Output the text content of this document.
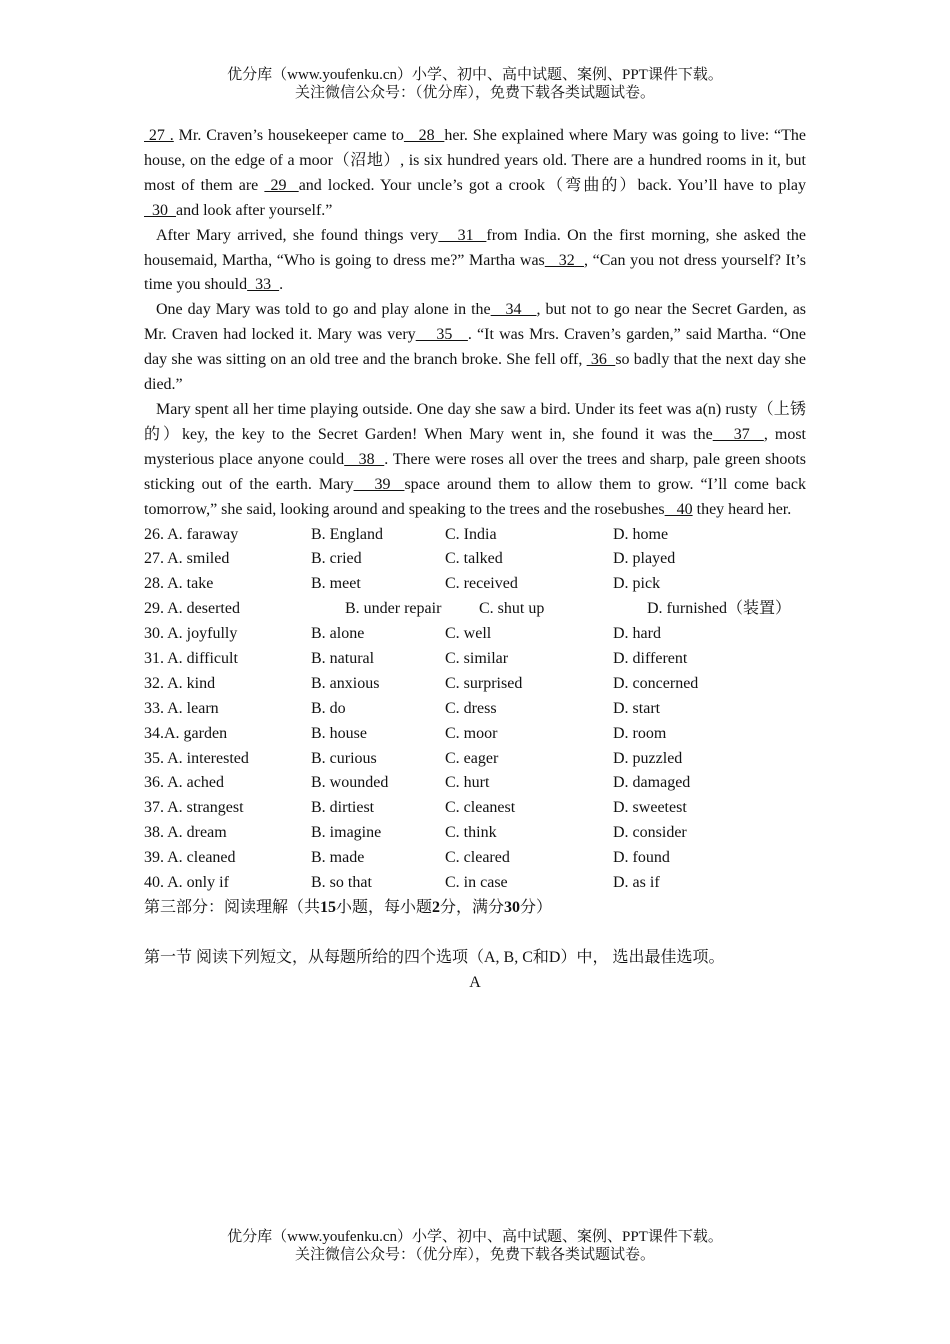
优分库（www.youfenku.cn）小学、初中、高中试题、案例、PPT课件下载。
关注微信公众号：（优分库），免费下载各类试题试卷。

27 . Mr. Craven’s housekeeper came to   28  her. She explained where Mary was going to live: “The house, on the edge of a moor（沼地）, is six hundred years old. There are a hundred rooms in it, but most of them are  29  and locked. Your uncle’s got a crook（弯曲的）back. You’ll have to play  30  and look after yourself.”

After Mary arrived, she found things very   31  from India. On the first morning, she asked the housemaid, Martha, “Who is going to dress me?” Martha was   32  , “Can you not dress yourself? It’s time you should  33  .

One day Mary was told to go and play alone in the   34   , but not to go near the Secret Garden, as Mr. Craven had locked it. Mary was very    35   . “It was Mrs. Craven’s garden,” said Martha. “One day she was sitting on an old tree and the branch broke. She fell off,  36  so badly that the next day she died.”

Mary spent all her time playing outside. One day she saw a bird. Under its feet was a(n) rusty（上锈的）key, the key to the Secret Garden! When Mary went in, she found it was the   37  , most mysterious place anyone could   38  . There were roses all over the trees and sharp, pale green shoots sticking out of the earth. Mary   39  space around them to allow them to grow. “I’ll come back tomorrow,” she said, looking around and speaking to the trees and the rosebushes   40 they heard her.

26. A. faraway	B. England	C. India	D. home
27. A. smiled	B. cried	C. talked	D. played
28. A. take	B. meet	C. received	D. pick
29. A. deserted	B. under repair C. shut up	D. furnished（装置）
30. A. joyfully	B. alone	C. well	D. hard
31. A. difficult	B. natural	C. similar	D. different
32. A. kind	B. anxious	C. surprised	D. concerned
33. A. learn	B. do	C. dress	D. start
34.A. garden	B. house	C. moor	D. room
35. A. interested	B. curious	C. eager	D. puzzled
36. A. ached	B. wounded	C. hurt	D. damaged
37. A. strangest	B. dirtiest	C. cleanest	D. sweetest
38. A. dream	B. imagine	C. think	D. consider
39. A. cleaned	B. made	C. cleared	D. found
40. A. only if	B. so that	C. in case	D. as if
第三部分：阅读理解（共15小题，每小题2分，满分30分）
第一节 阅读下列短文，从每题所给的四个选项（A, B, C和D）中， 选出最佳选项。
A
优分库（www.youfenku.cn）小学、初中、高中试题、案例、PPT课件下载。
关注微信公众号：（优分库），免费下载各类试题试卷。
